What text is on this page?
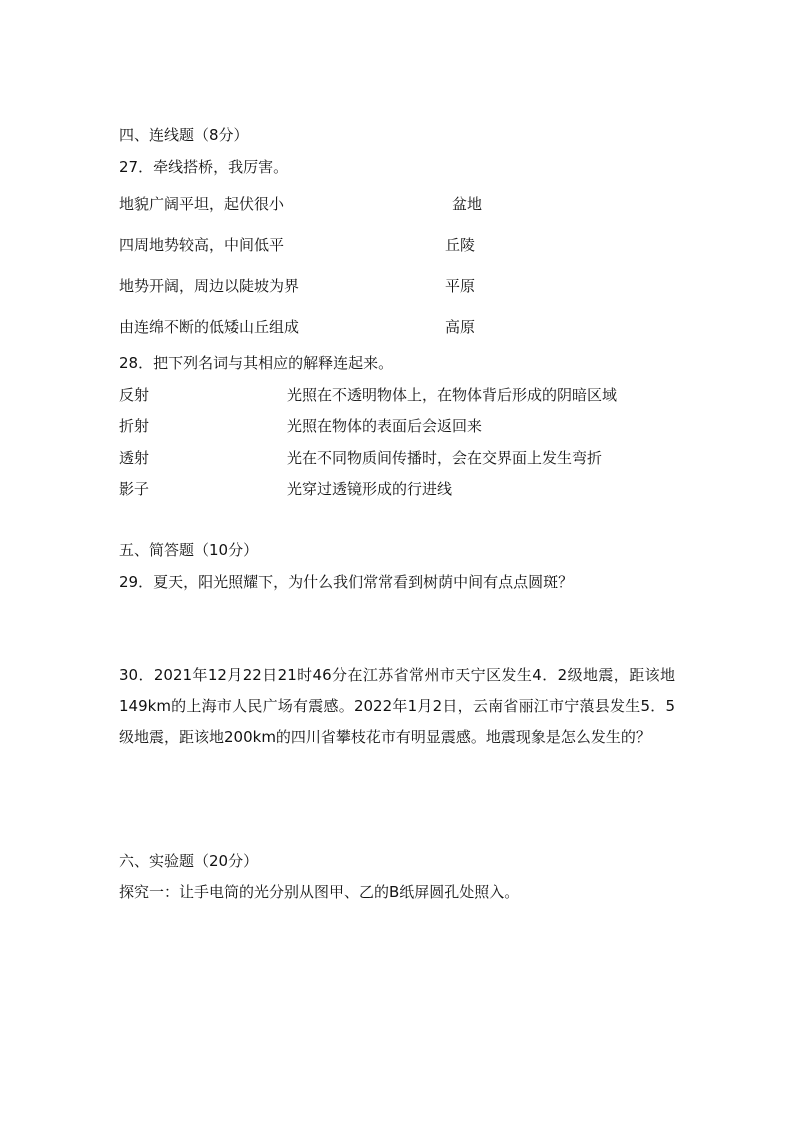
四、连线题（8分）
27．牵线搭桥，我厉害。
地貌广阔平坦，起伏很小	盆地
四周地势较高，中间低平	丘陵
地势开阔，周边以陡坡为界	平原
由连绵不断的低矮山丘组成	高原
28．把下列名词与其相应的解释连起来。
反射	光照在不透明物体上，在物体背后形成的阴暗区域
折射	光照在物体的表面后会返回来
透射	光在不同物质间传播时，会在交界面上发生弯折
影子	光穿过透镜形成的行进线
五、简答题（10分）
29．夏天，阳光照耀下，为什么我们常常看到树荫中间有点点圆斑？
30．2021年12月22日21时46分在江苏省常州市天宁区发生4．2级地震，距该地149km的上海市人民广场有震感。2022年1月2日，云南省丽江市宁蒗县发生5．5级地震，距该地200km的四川省攀枝花市有明显震感。地震现象是怎么发生的？
六、实验题（20分）
探究一：让手电筒的光分别从图甲、乙的B纸屏圆孔处照入。
